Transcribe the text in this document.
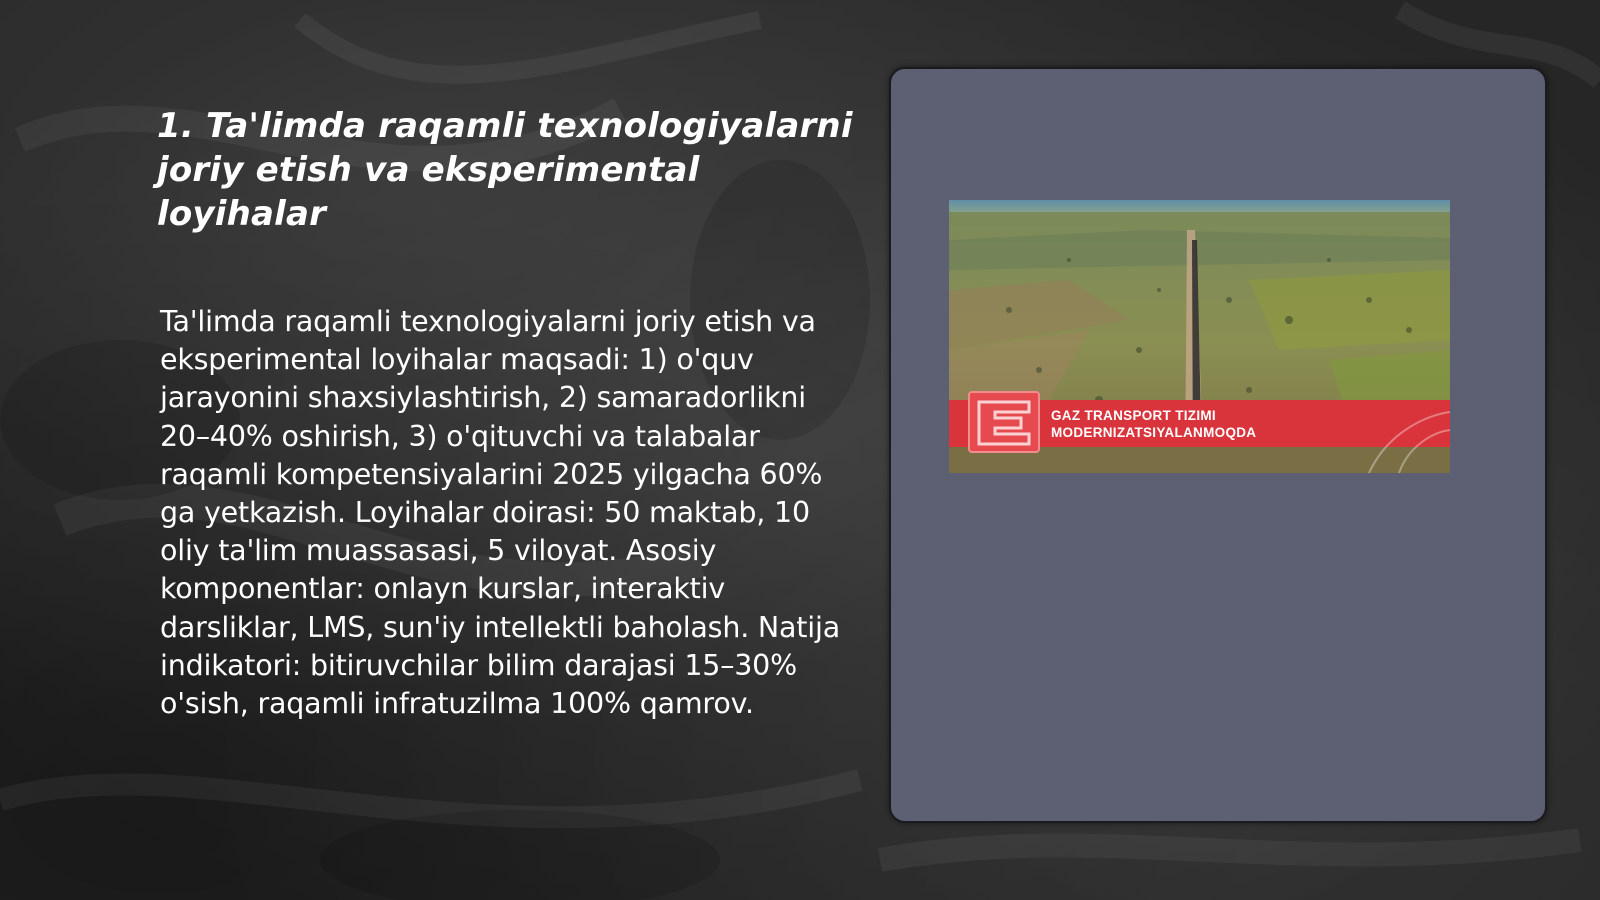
1. Ta'limda raqamli texnologiyalarni joriy etish va eksperimental loyihalar

Ta'limda raqamli texnologiyalarni joriy etish va eksperimental loyihalar maqsadi: 1) o'quv jarayonini shaxsiylashtirish, 2) samaradorlikni 20–40% oshirish, 3) o'qituvchi va talabalar raqamli kompetensiyalarini 2025 yilgacha 60% ga yetkazish. Loyihalar doirasi: 50 maktab, 10 oliy ta'lim muassasasi, 5 viloyat. Asosiy komponentlar: onlayn kurslar, interaktiv darsliklar, LMS, sun'iy intellektli baholash. Natija indikatori: bitiruvchilar bilim darajasi 15–30% o'sish, raqamli infratuzilma 100% qamrov.

GAZ TRANSPORT TIZIMI
MODERNIZATSIYALANMOQDA
